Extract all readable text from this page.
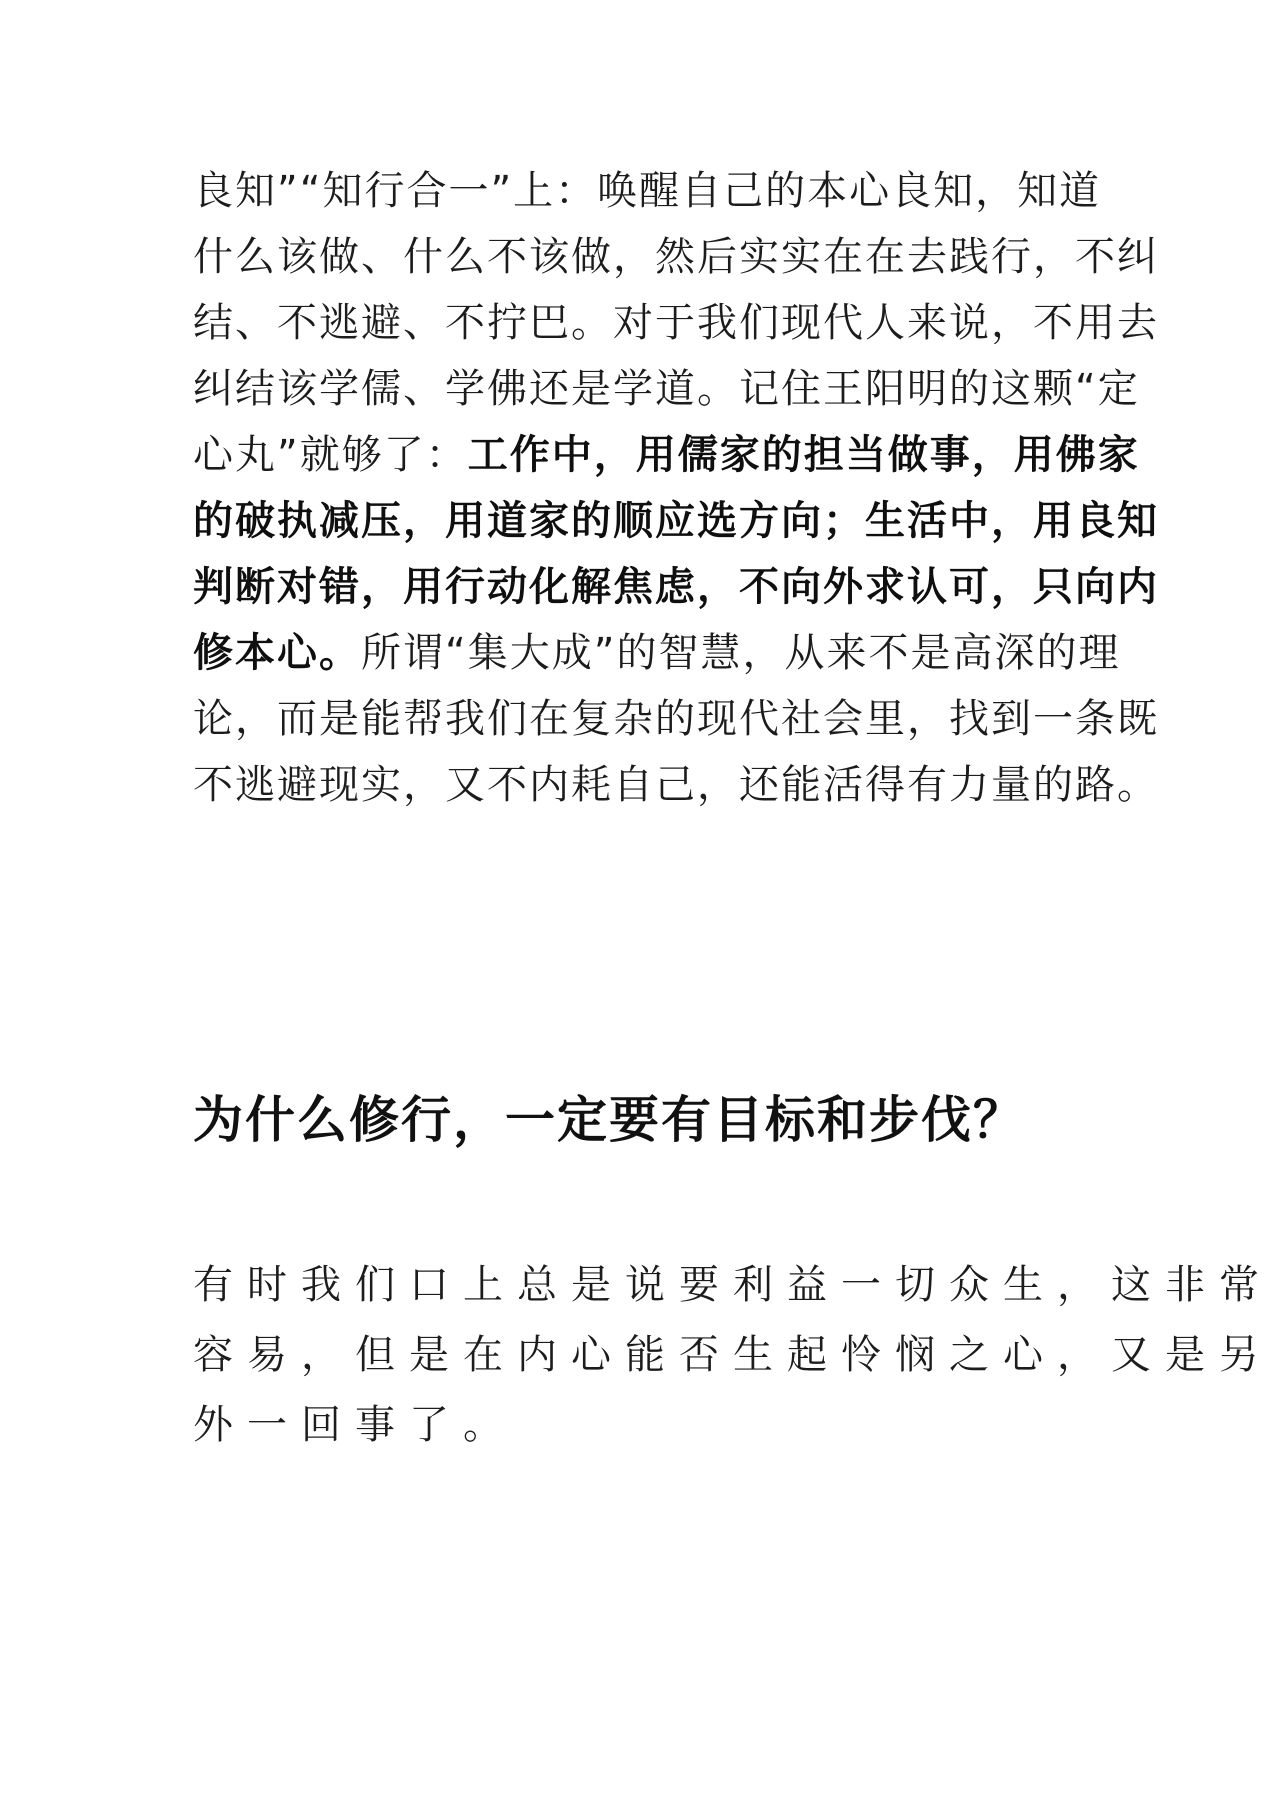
良知”“知行合一”上：唤醒自己的本心良知，知道
什么该做、什么不该做，然后实实在在去践行，不纠
结、不逃避、不拧巴。对于我们现代人来说，不用去
纠结该学儒、学佛还是学道。记住王阳明的这颗“定
心丸”就够了：工作中，用儒家的担当做事，用佛家
的破执减压，用道家的顺应选方向；生活中，用良知
判断对错，用行动化解焦虑，不向外求认可，只向内
修本心。所谓“集大成”的智慧，从来不是高深的理
论，而是能帮我们在复杂的现代社会里，找到一条既
不逃避现实，又不内耗自己，还能活得有力量的路。
为什么修行，一定要有目标和步伐？
有时我们口上总是说要利益一切众生，这非常
容易，但是在内心能否生起怜悯之心，又是另
外一回事了。
